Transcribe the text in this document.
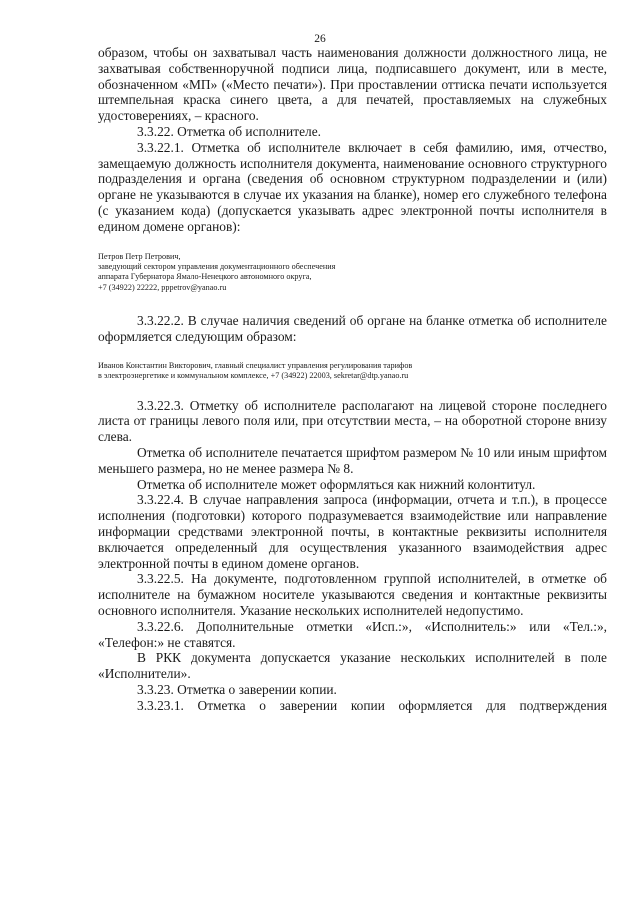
26

образом, чтобы он захватывал часть наименования должности должностного лица, не захватывая собственноручной подписи лица, подписавшего документ, или в месте, обозначенном «МП» («Место печати»). При проставлении оттиска печати используется штемпельная краска синего цвета, а для печатей, проставляемых на служебных удостоверениях, – красного.

3.3.22. Отметка об исполнителе.

3.3.22.1. Отметка об исполнителе включает в себя фамилию, имя, отчество, замещаемую должность исполнителя документа, наименование основного структурного подразделения и органа (сведения об основном структурном подразделении и (или) органе не указываются в случае их указания на бланке), номер его служебного телефона (с указанием кода) (допускается указывать адрес электронной почты исполнителя в едином домене органов):

Петров Петр Петрович,
заведующий сектором управления документационного обеспечения
аппарата Губернатора Ямало-Ненецкого автономного округа,
+7 (34922) 22222, pppetrov@yanao.ru

3.3.22.2. В случае наличия сведений об органе на бланке отметка об исполнителе оформляется следующим образом:

Иванов Константин Викторович, главный специалист управления регулирования тарифов
в электроэнергетике и коммунальном комплексе, +7 (34922) 22003, sekretar@dtp.yanao.ru

3.3.22.3. Отметку об исполнителе располагают на лицевой стороне последнего листа от границы левого поля или, при отсутствии места, – на оборотной стороне внизу слева.

Отметка об исполнителе печатается шрифтом размером № 10 или иным шрифтом меньшего размера, но не менее размера № 8.

Отметка об исполнителе может оформляться как нижний колонтитул.

3.3.22.4. В случае направления запроса (информации, отчета и т.п.), в процессе исполнения (подготовки) которого подразумевается взаимодействие или направление информации средствами электронной почты, в контактные реквизиты исполнителя включается определенный для осуществления указанного взаимодействия адрес электронной почты в едином домене органов.

3.3.22.5. На документе, подготовленном группой исполнителей, в отметке об исполнителе на бумажном носителе указываются сведения и контактные реквизиты основного исполнителя. Указание нескольких исполнителей недопустимо.

3.3.22.6. Дополнительные отметки «Исп.:», «Исполнитель:» или «Тел.:», «Телефон:» не ставятся.

В РКК документа допускается указание нескольких исполнителей в поле «Исполнители».

3.3.23. Отметка о заверении копии.

3.3.23.1. Отметка о заверении копии оформляется для подтверждения
